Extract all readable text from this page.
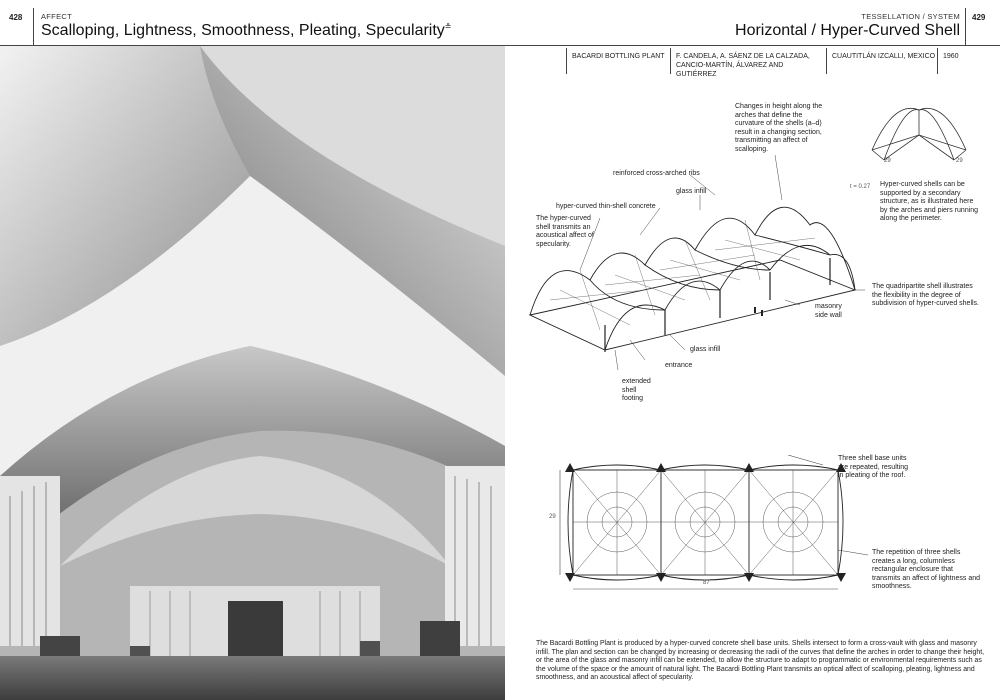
428 AFFECT
Scalloping, Lightness, Smoothness, Pleating, Specularity≗
TESSELLATION / SYSTEM
Horizontal / Hyper-Curved Shell
429
BACARDI BOTTLING PLANT	F. CANDELA, A. SÁENZ DE LA CALZADA, CANCIO-MARTÍN, ÁLVAREZ AND GUTIÉRREZ
CUAUTITLÁN IZCALLI, MEXICO 1960
29	29
Changes in height along the arches that define the curvature of the shells (a–d) result in a changing section, transmitting an affect of scalloping.
reinforced cross-arched ribs
glass infill
hyper-curved thin-shell concrete
The hyper-curved shell transmits an acoustical affect of specularity.
t = 0.27 Hyper-curved shells can be supported by a secondary structure, as is illustrated here by the arches and piers running along the perimeter.
The quadripartite shell illustrates the flexibility in the degree of subdivision of hyper-curved shells.
masonry side wall
glass infill
entrance
extended shell footing
29
87
Three shell base units are repeated, resulting in pleating of the roof.
The repetition of three shells creates a long, columnless rectangular enclosure that transmits an affect of lightness and smoothness.
The Bacardi Bottling Plant is produced by a hyper-curved concrete shell base units. Shells intersect to form a cross-vault with glass and masonry infill. The plan and section can be changed by increasing or decreasing the radii of the curves that define the arches in order to change their height, or the area of the glass and masonry infill can be extended, to allow the structure to adapt to programmatic or environmental requirements such as the volume of the space or the amount of natural light. The Bacardi Bottling Plant transmits an optical affect of scalloping, pleating, lightness and smoothness, and an acoustical affect of specularity.
